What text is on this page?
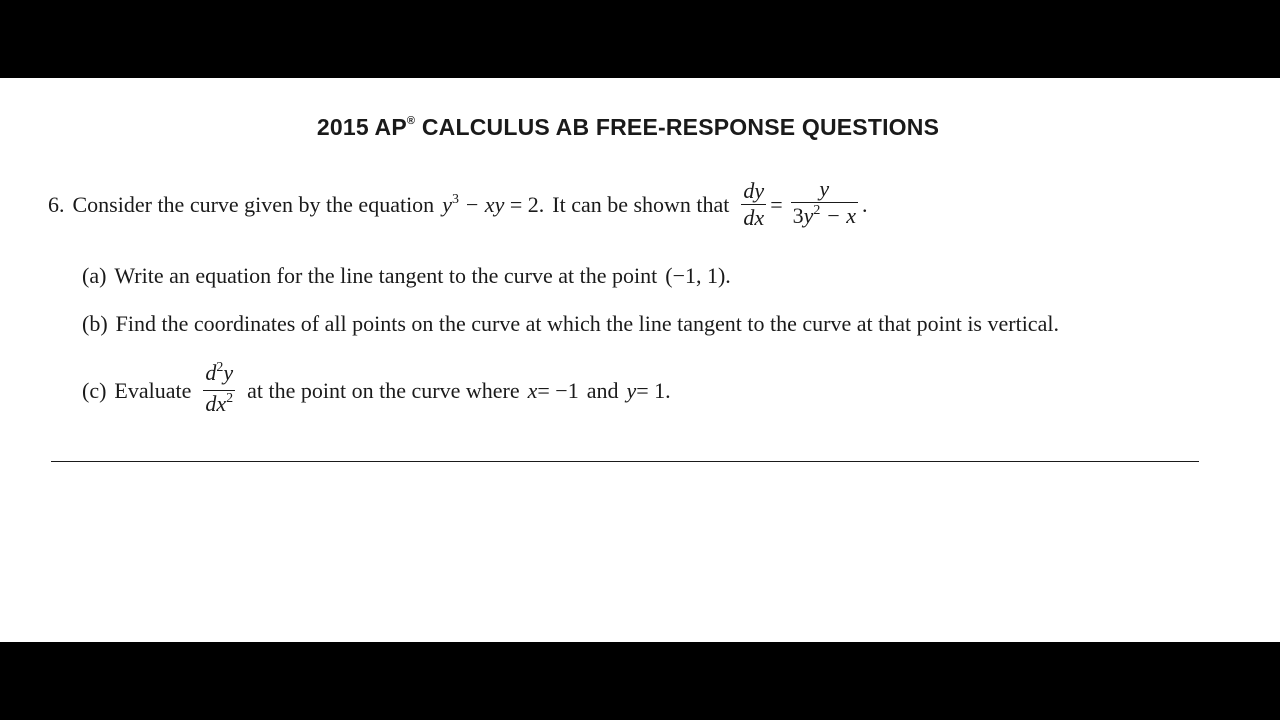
2015 AP® CALCULUS AB FREE-RESPONSE QUESTIONS
6. Consider the curve given by the equation $y^3$ − xy = 2. It can be shown that $\frac{dy}{dx} = \frac{y}{3y^2 - x}$ .
(a) Write an equation for the line tangent to the curve at the point (−1, 1).
(b) Find the coordinates of all points on the curve at which the line tangent to the curve at that point is vertical.
(c) Evaluate $\frac{d^2y}{dx^2}$ at the point on the curve where x = −1 and y = 1.
